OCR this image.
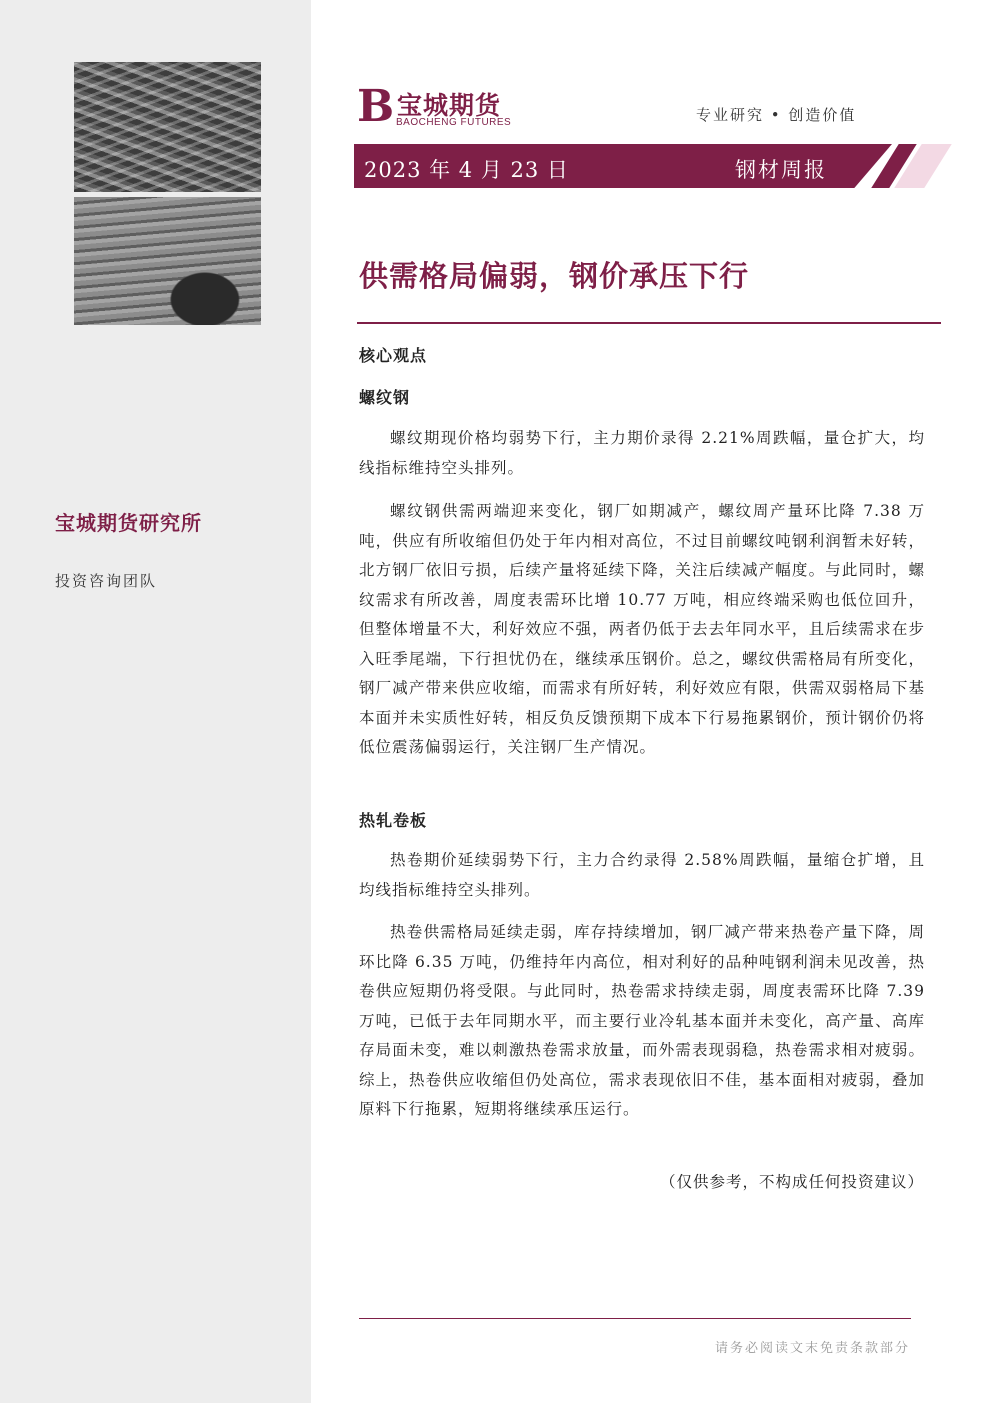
宝城期货研究所
投资咨询团队
B 宝城期货
BAOCHENG FUTURES	专业研究 • 创造价值
2023 年 4 月 23 日	钢材周报
供需格局偏弱，钢价承压下行
核心观点
螺纹钢

螺纹期现价格均弱势下行，主力期价录得 2.21%周跌幅，量仓扩大，均线指标维持空头排列。

螺纹钢供需两端迎来变化，钢厂如期减产，螺纹周产量环比降 7.38 万吨，供应有所收缩但仍处于年内相对高位，不过目前螺纹吨钢利润暂未好转，北方钢厂依旧亏损，后续产量将延续下降，关注后续减产幅度。与此同时，螺纹需求有所改善，周度表需环比增 10.77 万吨，相应终端采购也低位回升，但整体增量不大，利好效应不强，两者仍低于去去年同水平，且后续需求在步入旺季尾端，下行担忧仍在，继续承压钢价。总之，螺纹供需格局有所变化，钢厂减产带来供应收缩，而需求有所好转，利好效应有限，供需双弱格局下基本面并未实质性好转，相反负反馈预期下成本下行易拖累钢价，预计钢价仍将低位震荡偏弱运行，关注钢厂生产情况。

热轧卷板

热卷期价延续弱势下行，主力合约录得 2.58%周跌幅，量缩仓扩增，且均线指标维持空头排列。

热卷供需格局延续走弱，库存持续增加，钢厂减产带来热卷产量下降，周环比降 6.35 万吨，仍维持年内高位，相对利好的品种吨钢利润未见改善，热卷供应短期仍将受限。与此同时，热卷需求持续走弱，周度表需环比降 7.39 万吨，已低于去年同期水平，而主要行业冷轧基本面并未变化，高产量、高库存局面未变，难以刺激热卷需求放量，而外需表现弱稳，热卷需求相对疲弱。综上，热卷供应收缩但仍处高位，需求表现依旧不佳，基本面相对疲弱，叠加原料下行拖累，短期将继续承压运行。

（仅供参考，不构成任何投资建议）
请务必阅读文末免责条款部分
